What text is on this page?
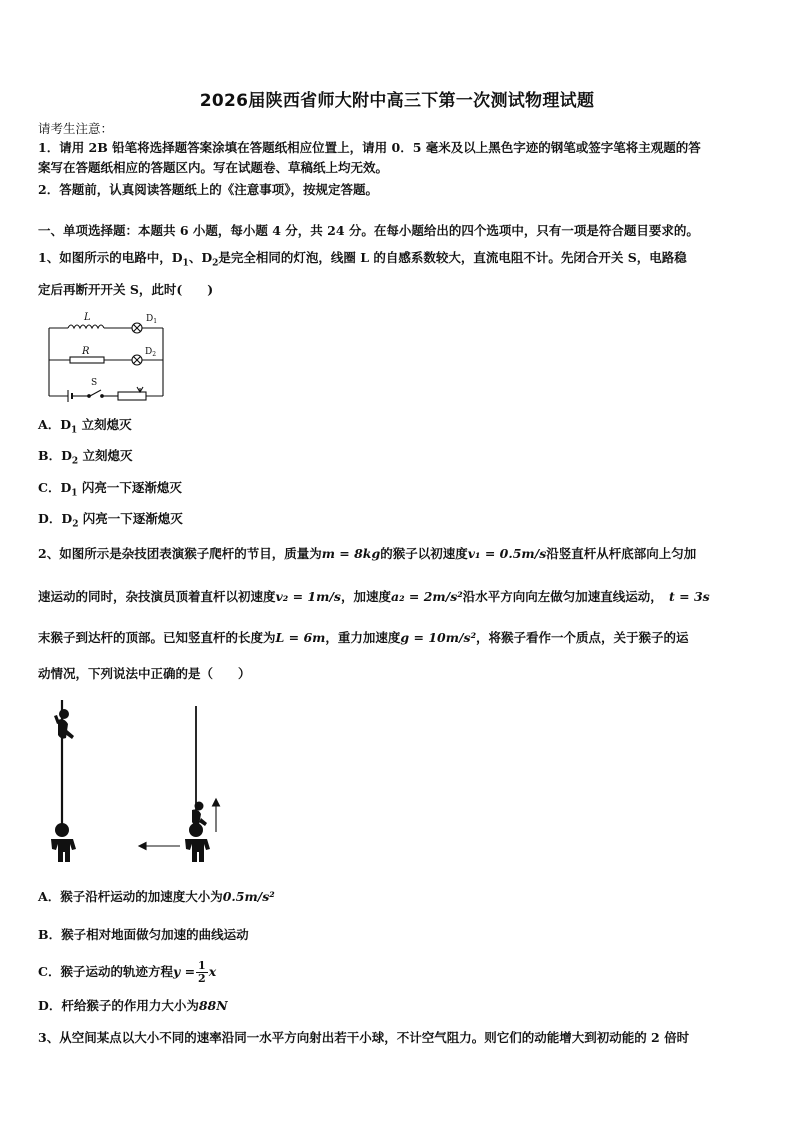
2026届陕西省师大附中高三下第一次测试物理试题
请考生注意：
1．请用 2B 铅笔将选择题答案涂填在答题纸相应位置上，请用 0．5 毫米及以上黑色字迹的钢笔或签字笔将主观题的答
案写在答题纸相应的答题区内。写在试题卷、草稿纸上均无效。
2．答题前，认真阅读答题纸上的《注意事项》，按规定答题。
一、单项选择题：本题共 6 小题，每小题 4 分，共 24 分。在每小题给出的四个选项中，只有一项是符合题目要求的。
1、如图所示的电路中，$D_1$、$D_2$是完全相同的灯泡，线圈 L 的自感系数较大，直流电阻不计。先闭合开关 S，电路稳
定后再断开开关 S，此时(　　)
L
R
$D_1$
$D_2$
S
A．$D_1$ 立刻熄灭
B．$D_2$ 立刻熄灭
C．$D_1$ 闪亮一下逐渐熄灭
D．$D_2$ 闪亮一下逐渐熄灭
2、如图所示是杂技团表演猴子爬杆的节目，质量为m = 8kg的猴子以初速度v₁ = 0.5m/s沿竖直杆从杆底部向上匀加
速运动的同时，杂技演员顶着直杆以初速度v₂ = 1m/s，加速度a₂ = 2m/s²沿水平方向向左做匀加速直线运动，　 t = 3s
末猴子到达杆的顶部。已知竖直杆的长度为L = 6m，重力加速度g = 10m/s²，将猴子看作一个质点，关于猴子的运
动情况，下列说法中正确的是（　　）
A．猴子沿杆运动的加速度大小为0.5m/s²
B．猴子相对地面做匀加速的曲线运动
C．猴子运动的轨迹方程$y = \frac{1}{2}$ x
D．杆给猴子的作用力大小为88N
3、从空间某点以大小不同的速率沿同一水平方向射出若干小球，不计空气阻力。则它们的动能增大到初动能的 2 倍时
